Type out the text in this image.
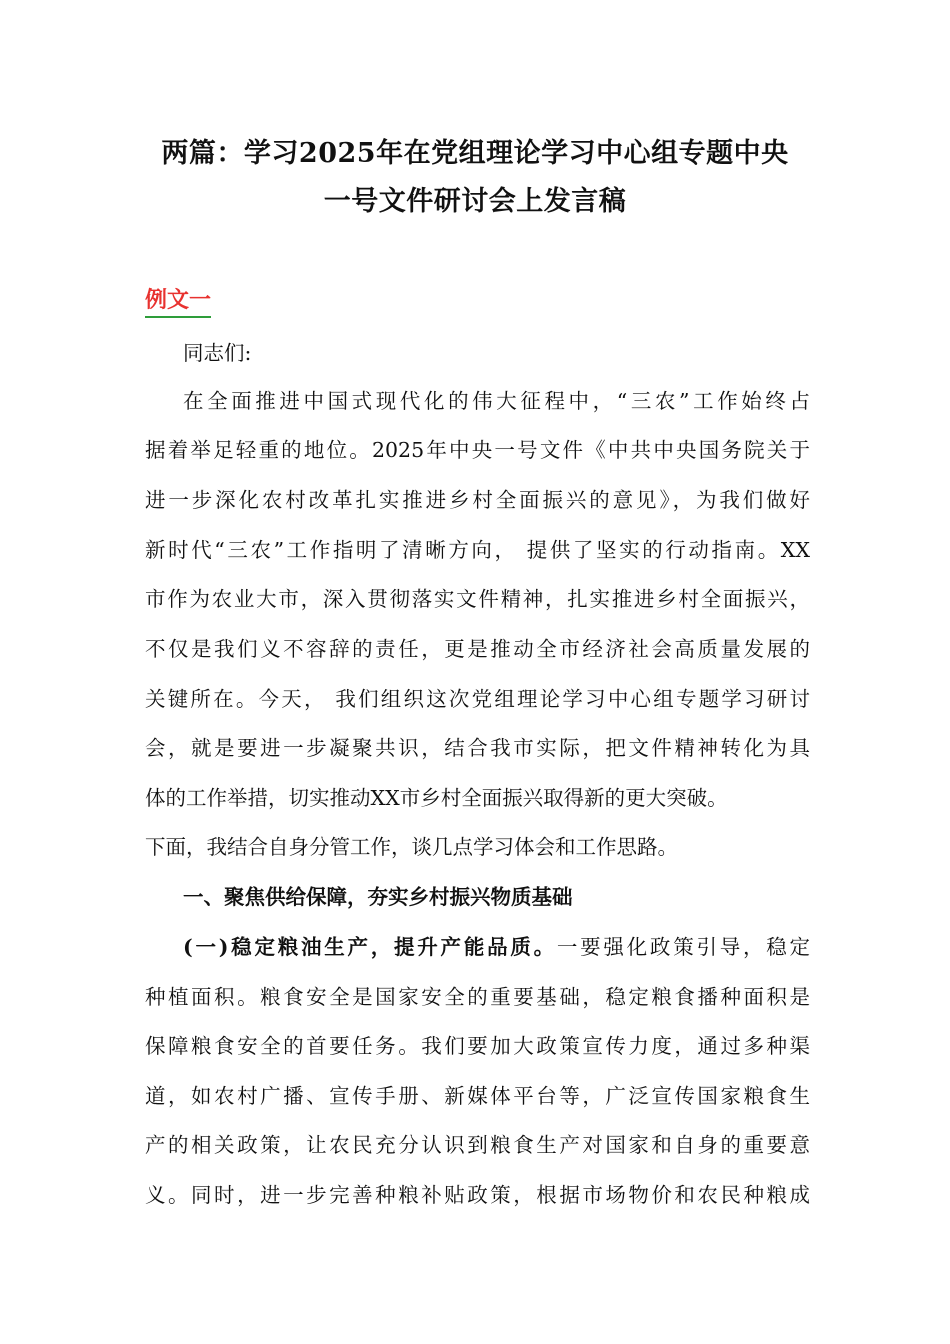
两篇：学习2025年在党组理论学习中心组专题中央
一号文件研讨会上发言稿
例文一
同志们:
在全面推进中国式现代化的伟大征程中，“三农”工作始终占
据着举足轻重的地位。2025年中央一号文件《中共中央国务院关于
进一步深化农村改革扎实推进乡村全面振兴的意见》，为我们做好
新时代“三农”工作指明了清晰方向， 提供了坚实的行动指南。XX
市作为农业大市，深入贯彻落实文件精神，扎实推进乡村全面振兴，
不仅是我们义不容辞的责任，更是推动全市经济社会高质量发展的
关键所在。今天， 我们组织这次党组理论学习中心组专题学习研讨
会，就是要进一步凝聚共识，结合我市实际，把文件精神转化为具
体的工作举措，切实推动XX市乡村全面振兴取得新的更大突破。
下面，我结合自身分管工作，谈几点学习体会和工作思路。
一、聚焦供给保障，夯实乡村振兴物质基础
(一)稳定粮油生产，提升产能品质。一要强化政策引导，稳定
种植面积。粮食安全是国家安全的重要基础，稳定粮食播种面积是
保障粮食安全的首要任务。我们要加大政策宣传力度，通过多种渠
道，如农村广播、宣传手册、新媒体平台等，广泛宣传国家粮食生
产的相关政策，让农民充分认识到粮食生产对国家和自身的重要意
义。同时，进一步完善种粮补贴政策，根据市场物价和农民种粮成
